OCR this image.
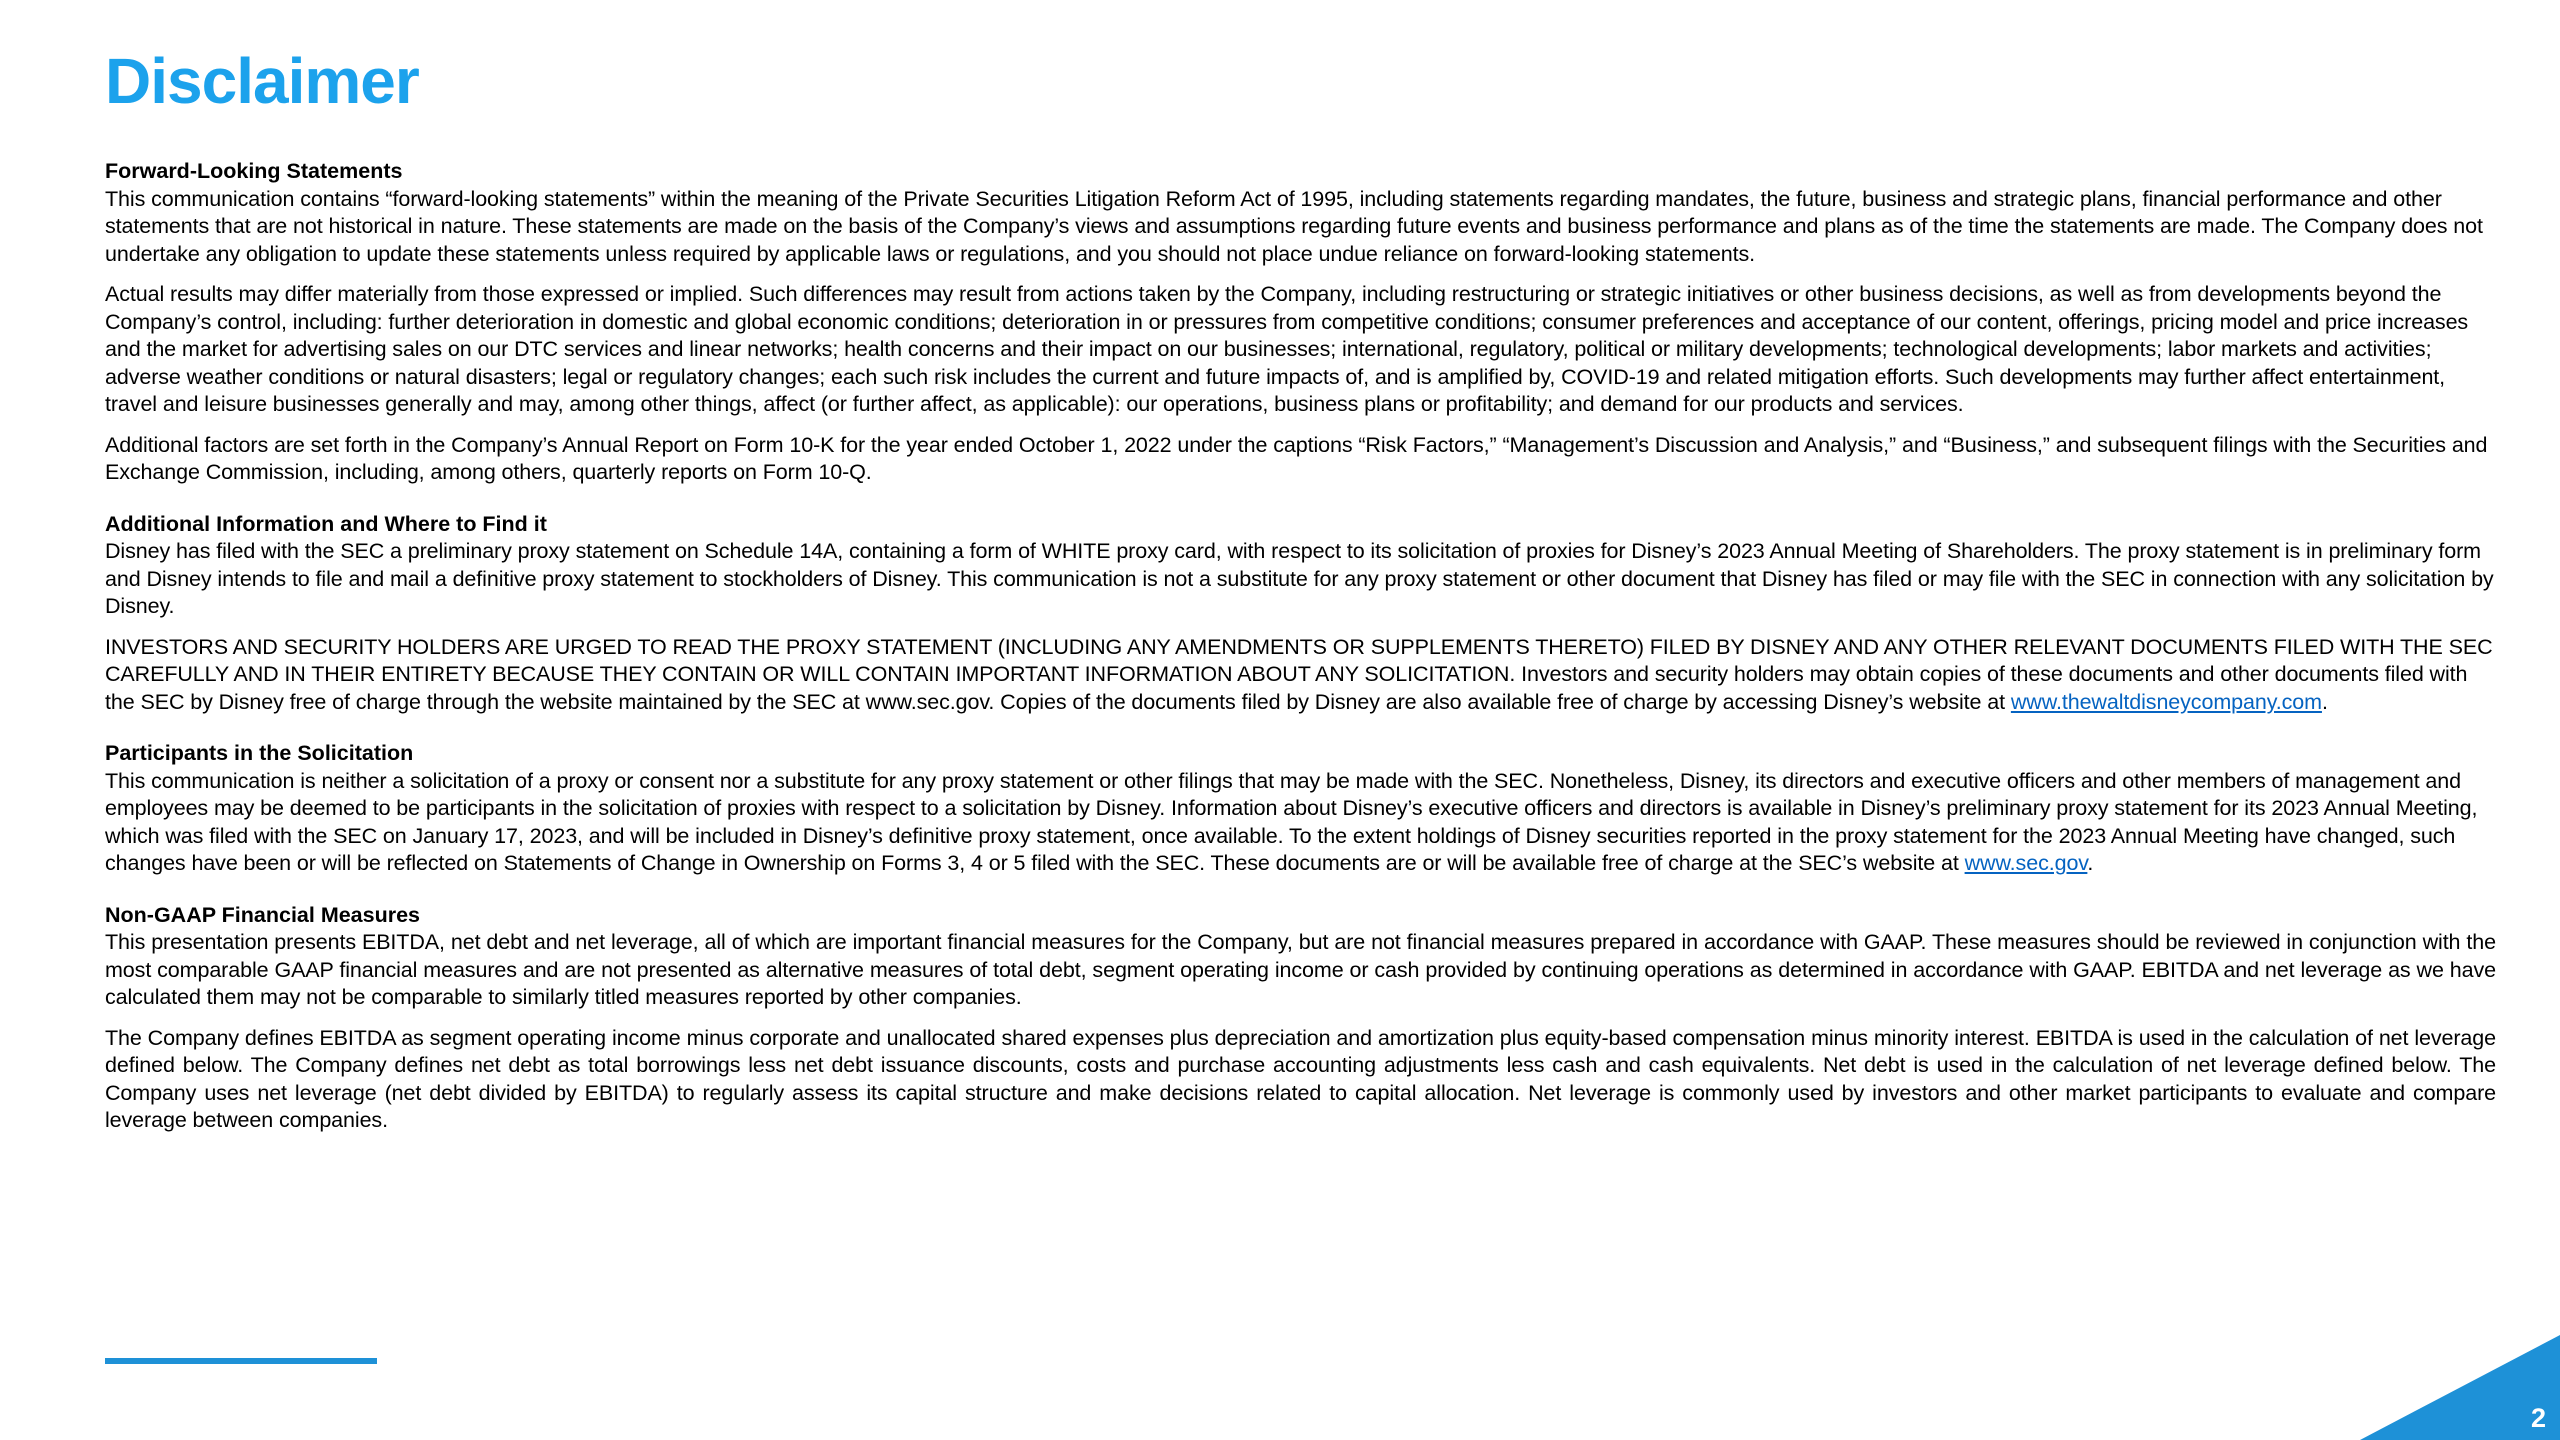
Disclaimer
Forward-Looking Statements

This communication contains “forward-looking statements” within the meaning of the Private Securities Litigation Reform Act of 1995, including statements regarding mandates, the future, business and strategic plans, financial performance and other statements that are not historical in nature. These statements are made on the basis of the Company’s views and assumptions regarding future events and business performance and plans as of the time the statements are made. The Company does not undertake any obligation to update these statements unless required by applicable laws or regulations, and you should not place undue reliance on forward-looking statements.

Actual results may differ materially from those expressed or implied. Such differences may result from actions taken by the Company, including restructuring or strategic initiatives or other business decisions, as well as from developments beyond the Company’s control, including: further deterioration in domestic and global economic conditions; deterioration in or pressures from competitive conditions; consumer preferences and acceptance of our content, offerings, pricing model and price increases and the market for advertising sales on our DTC services and linear networks; health concerns and their impact on our businesses; international, regulatory, political or military developments; technological developments; labor markets and activities; adverse weather conditions or natural disasters; legal or regulatory changes; each such risk includes the current and future impacts of, and is amplified by, COVID-19 and related mitigation efforts. Such developments may further affect entertainment, travel and leisure businesses generally and may, among other things, affect (or further affect, as applicable): our operations, business plans or profitability; and demand for our products and services.

Additional factors are set forth in the Company’s Annual Report on Form 10-K for the year ended October 1, 2022 under the captions “Risk Factors,” “Management’s Discussion and Analysis,” and “Business,” and subsequent filings with the Securities and Exchange Commission, including, among others, quarterly reports on Form 10-Q.

Additional Information and Where to Find it

Disney has filed with the SEC a preliminary proxy statement on Schedule 14A, containing a form of WHITE proxy card, with respect to its solicitation of proxies for Disney’s 2023 Annual Meeting of Shareholders. The proxy statement is in preliminary form and Disney intends to file and mail a definitive proxy statement to stockholders of Disney. This communication is not a substitute for any proxy statement or other document that Disney has filed or may file with the SEC in connection with any solicitation by Disney.

INVESTORS AND SECURITY HOLDERS ARE URGED TO READ THE PROXY STATEMENT (INCLUDING ANY AMENDMENTS OR SUPPLEMENTS THERETO) FILED BY DISNEY AND ANY OTHER RELEVANT DOCUMENTS FILED WITH THE SEC CAREFULLY AND IN THEIR ENTIRETY BECAUSE THEY CONTAIN OR WILL CONTAIN IMPORTANT INFORMATION ABOUT ANY SOLICITATION. Investors and security holders may obtain copies of these documents and other documents filed with the SEC by Disney free of charge through the website maintained by the SEC at www.sec.gov. Copies of the documents filed by Disney are also available free of charge by accessing Disney’s website at www.thewaltdisneycompany.com.

Participants in the Solicitation

This communication is neither a solicitation of a proxy or consent nor a substitute for any proxy statement or other filings that may be made with the SEC. Nonetheless, Disney, its directors and executive officers and other members of management and employees may be deemed to be participants in the solicitation of proxies with respect to a solicitation by Disney. Information about Disney’s executive officers and directors is available in Disney’s preliminary proxy statement for its 2023 Annual Meeting, which was filed with the SEC on January 17, 2023, and will be included in Disney’s definitive proxy statement, once available. To the extent holdings of Disney securities reported in the proxy statement for the 2023 Annual Meeting have changed, such changes have been or will be reflected on Statements of Change in Ownership on Forms 3, 4 or 5 filed with the SEC. These documents are or will be available free of charge at the SEC’s website at www.sec.gov.

Non-GAAP Financial Measures

This presentation presents EBITDA, net debt and net leverage, all of which are important financial measures for the Company, but are not financial measures prepared in accordance with GAAP. These measures should be reviewed in conjunction with the most comparable GAAP financial measures and are not presented as alternative measures of total debt, segment operating income or cash provided by continuing operations as determined in accordance with GAAP. EBITDA and net leverage as we have calculated them may not be comparable to similarly titled measures reported by other companies.

The Company defines EBITDA as segment operating income minus corporate and unallocated shared expenses plus depreciation and amortization plus equity-based compensation minus minority interest. EBITDA is used in the calculation of net leverage defined below. The Company defines net debt as total borrowings less net debt issuance discounts, costs and purchase accounting adjustments less cash and cash equivalents. Net debt is used in the calculation of net leverage defined below. The Company uses net leverage (net debt divided by EBITDA) to regularly assess its capital structure and make decisions related to capital allocation. Net leverage is commonly used by investors and other market participants to evaluate and compare leverage between companies.

2
